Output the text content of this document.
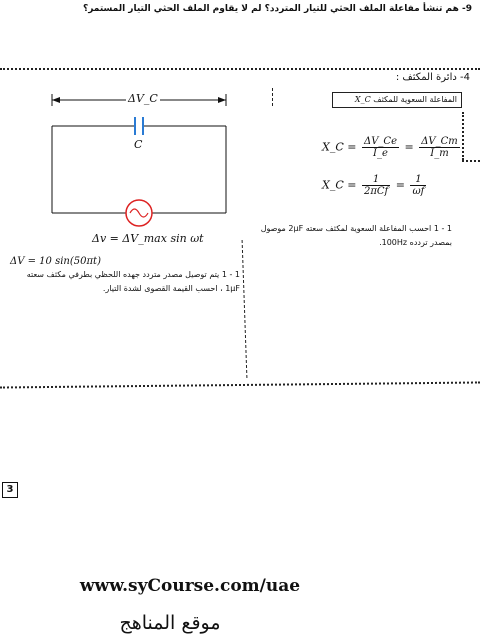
9- هم تنشأ مفاعلة الملف الحثي للتيار المتردد؟ لم لا يقاوم الملف الحثي التيار المستمر؟
4- دائرة المكثف :
المفاعلة السعوية للمكثف X_C
ΔV_C
C
Δv = ΔV_max sin ωt
X_C = $\frac{\Delta V\_Ce}{I\_e} = \frac{\Delta V\_Cm}{I\_m}$
X_C = $\frac{1}{\text{2πCf}} = \frac{1}{\omega f}$
1 - 1 احسب المفاعلة السعوية لمكثف سعته 2μF موصول بمصدر تردده 100Hz.
ΔV = 10 sin(50πt)
1 - 1 يتم توصيل مصدر متردد جهده اللحظي بطرفي مكثف سعته 1μF ، احسب القيمة القصوى لشدة التيار.
3
www.syCourse.com/uae
موقع المناهج
